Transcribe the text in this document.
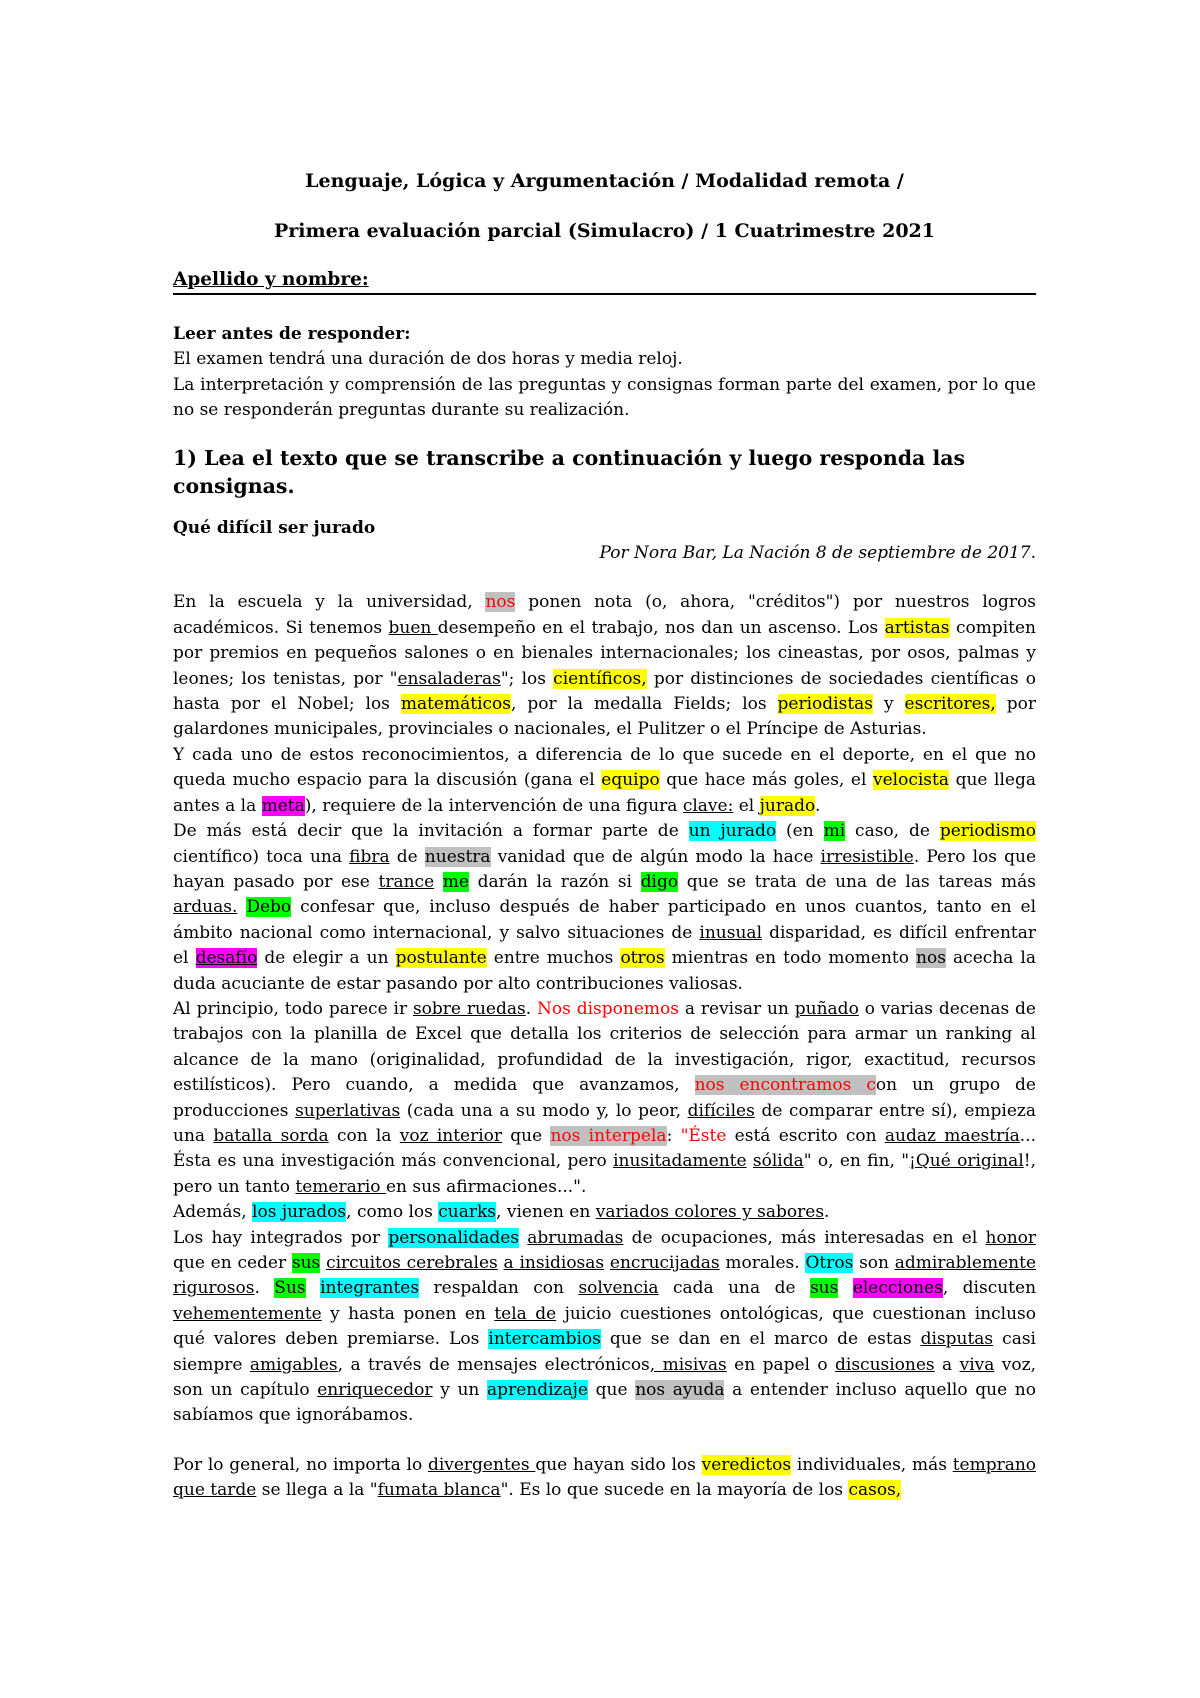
Lenguaje, Lógica y Argumentación / Modalidad remota /

Primera evaluación parcial (Simulacro) / 1 Cuatrimestre 2021

Apellido y nombre:

Leer antes de responder:

El examen tendrá una duración de dos horas y media reloj.

La interpretación y comprensión de las preguntas y consignas forman parte del examen, por lo que no se responderán preguntas durante su realización.

1) Lea el texto que se transcribe a continuación y luego responda las consignas.

Qué difícil ser jurado

Por Nora Bar, La Nación 8 de septiembre de 2017.

En la escuela y la universidad, nos ponen nota (o, ahora, "créditos") por nuestros logros académicos. Si tenemos buen desempeño en el trabajo, nos dan un ascenso. Los artistas compiten por premios en pequeños salones o en bienales internacionales; los cineastas, por osos, palmas y leones; los tenistas, por "ensaladeras"; los científicos, por distinciones de sociedades científicas o hasta por el Nobel; los matemáticos, por la medalla Fields; los periodistas y escritores, por galardones municipales, provinciales o nacionales, el Pulitzer o el Príncipe de Asturias.

Y cada uno de estos reconocimientos, a diferencia de lo que sucede en el deporte, en el que no queda mucho espacio para la discusión (gana el equipo que hace más goles, el velocista que llega antes a la meta), requiere de la intervención de una figura clave: el jurado.

De más está decir que la invitación a formar parte de un jurado (en mi caso, de periodismo científico) toca una fibra de nuestra vanidad que de algún modo la hace irresistible. Pero los que hayan pasado por ese trance me darán la razón si digo que se trata de una de las tareas más arduas. Debo confesar que, incluso después de haber participado en unos cuantos, tanto en el ámbito nacional como internacional, y salvo situaciones de inusual disparidad, es difícil enfrentar el desafío de elegir a un postulante entre muchos otros mientras en todo momento nos acecha la duda acuciante de estar pasando por alto contribuciones valiosas.

Al principio, todo parece ir sobre ruedas. Nos disponemos a revisar un puñado o varias decenas de trabajos con la planilla de Excel que detalla los criterios de selección para armar un ranking al alcance de la mano (originalidad, profundidad de la investigación, rigor, exactitud, recursos estilísticos). Pero cuando, a medida que avanzamos, nos encontramos con un grupo de producciones superlativas (cada una a su modo y, lo peor, difíciles de comparar entre sí), empieza una batalla sorda con la voz interior que nos interpela: "Éste está escrito con audaz maestría... Ésta es una investigación más convencional, pero inusitadamente sólida" o, en fin, "¡Qué original!, pero un tanto temerario en sus afirmaciones...".

Además, los jurados, como los cuarks, vienen en variados colores y sabores.

Los hay integrados por personalidades abrumadas de ocupaciones, más interesadas en el honor que en ceder sus circuitos cerebrales a insidiosas encrucijadas morales. Otros son admirablemente rigurosos. Sus integrantes respaldan con solvencia cada una de sus elecciones, discuten vehementemente y hasta ponen en tela de juicio cuestiones ontológicas, que cuestionan incluso qué valores deben premiarse. Los intercambios que se dan en el marco de estas disputas casi siempre amigables, a través de mensajes electrónicos, misivas en papel o discusiones a viva voz, son un capítulo enriquecedor y un aprendizaje que nos ayuda a entender incluso aquello que no sabíamos que ignorábamos.

Por lo general, no importa lo divergentes que hayan sido los veredictos individuales, más temprano que tarde se llega a la "fumata blanca". Es lo que sucede en la mayoría de los casos,
